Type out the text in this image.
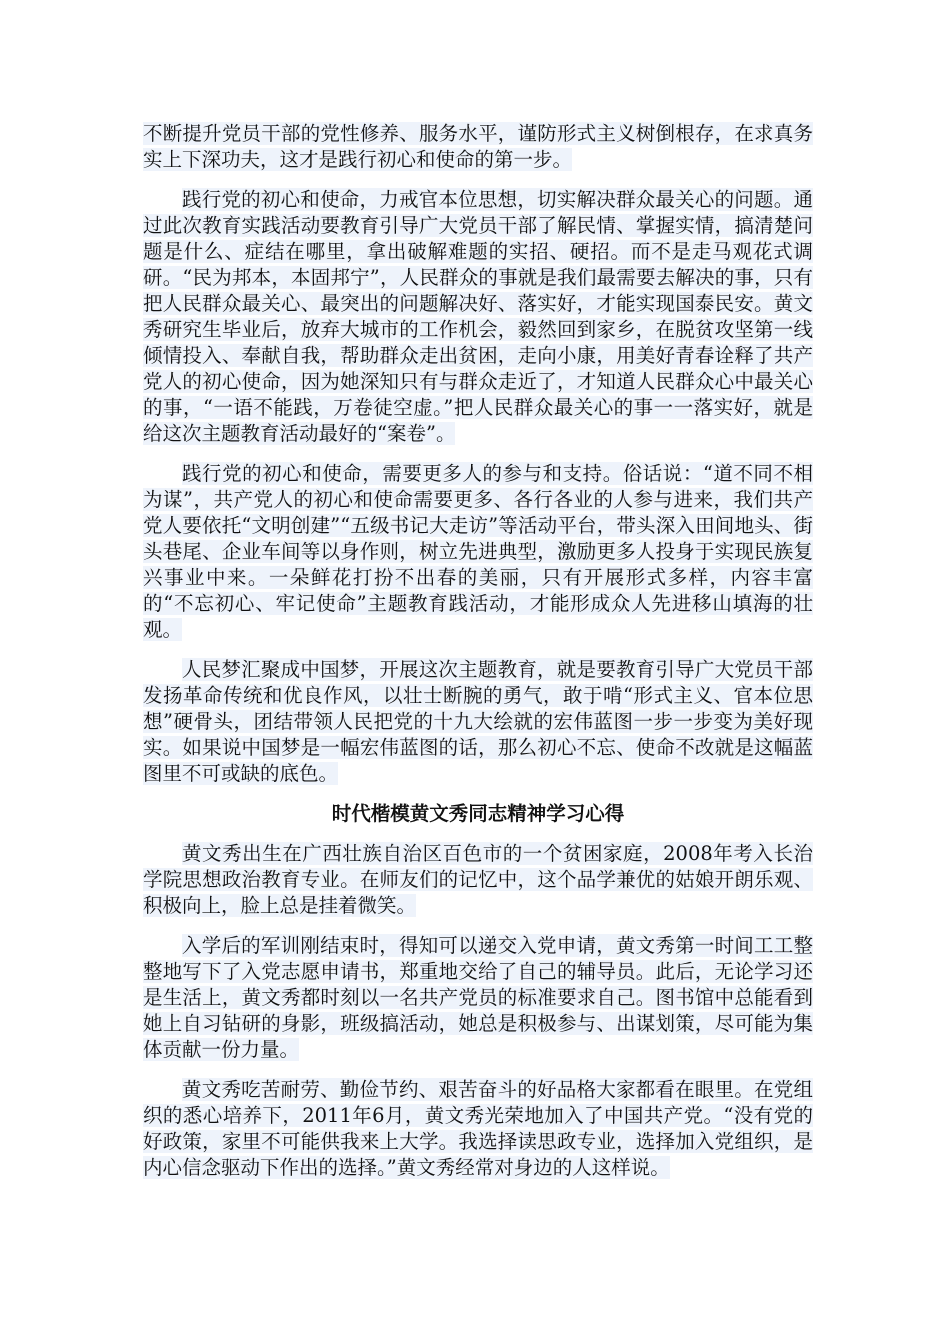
不断提升党员干部的党性修养、服务水平，谨防形式主义树倒根存，在求真务实上下深功夫，这才是践行初心和使命的第一步。

践行党的初心和使命，力戒官本位思想，切实解决群众最关心的问题。通过此次教育实践活动要教育引导广大党员干部了解民情、掌握实情，搞清楚问题是什么、症结在哪里，拿出破解难题的实招、硬招。而不是走马观花式调研。“民为邦本，本固邦宁”，人民群众的事就是我们最需要去解决的事，只有把人民群众最关心、最突出的问题解决好、落实好，才能实现国泰民安。黄文秀研究生毕业后，放弃大城市的工作机会，毅然回到家乡，在脱贫攻坚第一线倾情投入、奉献自我，帮助群众走出贫困，走向小康，用美好青春诠释了共产党人的初心使命，因为她深知只有与群众走近了，才知道人民群众心中最关心的事，“一语不能践，万卷徒空虚。”把人民群众最关心的事一一落实好，就是给这次主题教育活动最好的“案卷”。

践行党的初心和使命，需要更多人的参与和支持。俗话说：“道不同不相为谋”，共产党人的初心和使命需要更多、各行各业的人参与进来，我们共产党人要依托“文明创建”“五级书记大走访”等活动平台，带头深入田间地头、街头巷尾、企业车间等以身作则，树立先进典型，激励更多人投身于实现民族复兴事业中来。一朵鲜花打扮不出春的美丽，只有开展形式多样，内容丰富的“不忘初心、牢记使命”主题教育践活动，才能形成众人先进移山填海的壮观。

人民梦汇聚成中国梦，开展这次主题教育，就是要教育引导广大党员干部发扬革命传统和优良作风，以壮士断腕的勇气，敢于啃“形式主义、官本位思想”硬骨头，团结带领人民把党的十九大绘就的宏伟蓝图一步一步变为美好现实。如果说中国梦是一幅宏伟蓝图的话，那么初心不忘、使命不改就是这幅蓝图里不可或缺的底色。

时代楷模黄文秀同志精神学习心得

黄文秀出生在广西壮族自治区百色市的一个贫困家庭，2008年考入长治学院思想政治教育专业。在师友们的记忆中，这个品学兼优的姑娘开朗乐观、积极向上，脸上总是挂着微笑。

入学后的军训刚结束时，得知可以递交入党申请，黄文秀第一时间工工整整地写下了入党志愿申请书，郑重地交给了自己的辅导员。此后，无论学习还是生活上，黄文秀都时刻以一名共产党员的标准要求自己。图书馆中总能看到她上自习钻研的身影，班级搞活动，她总是积极参与、出谋划策，尽可能为集体贡献一份力量。

黄文秀吃苦耐劳、勤俭节约、艰苦奋斗的好品格大家都看在眼里。在党组织的悉心培养下，2011年6月，黄文秀光荣地加入了中国共产党。“没有党的好政策，家里不可能供我来上大学。我选择读思政专业，选择加入党组织，是内心信念驱动下作出的选择。”黄文秀经常对身边的人这样说。
